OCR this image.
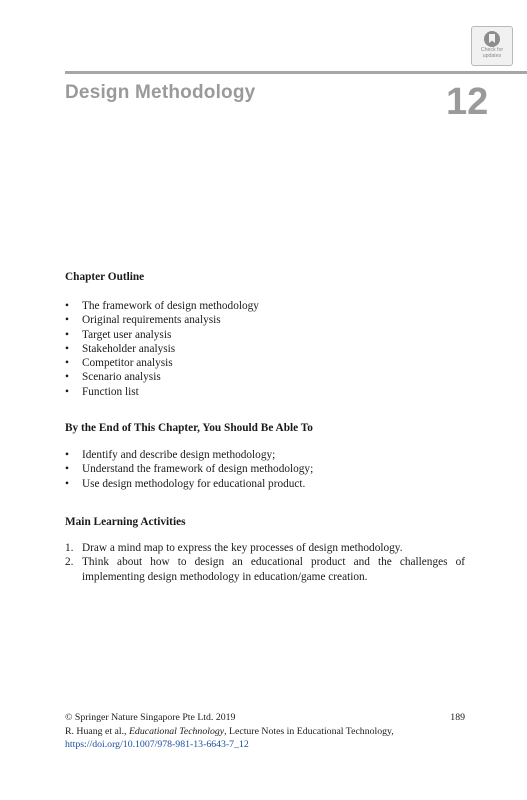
Check for
updates
Design Methodology	12
Chapter Outline
• The framework of design methodology
• Original requirements analysis
• Target user analysis
• Stakeholder analysis
• Competitor analysis
• Scenario analysis
• Function list
By the End of This Chapter, You Should Be Able To
• Identify and describe design methodology;
• Understand the framework of design methodology;
• Use design methodology for educational product.
Main Learning Activities
1. Draw a mind map to express the key processes of design methodology.
2. Think about how to design an educational product and the challenges of
implementing design methodology in education/game creation.
© Springer Nature Singapore Pte Ltd. 2019	189
R. Huang et al., Educational Technology, Lecture Notes in Educational Technology,
https://doi.org/10.1007/978-981-13-6643-7_12
